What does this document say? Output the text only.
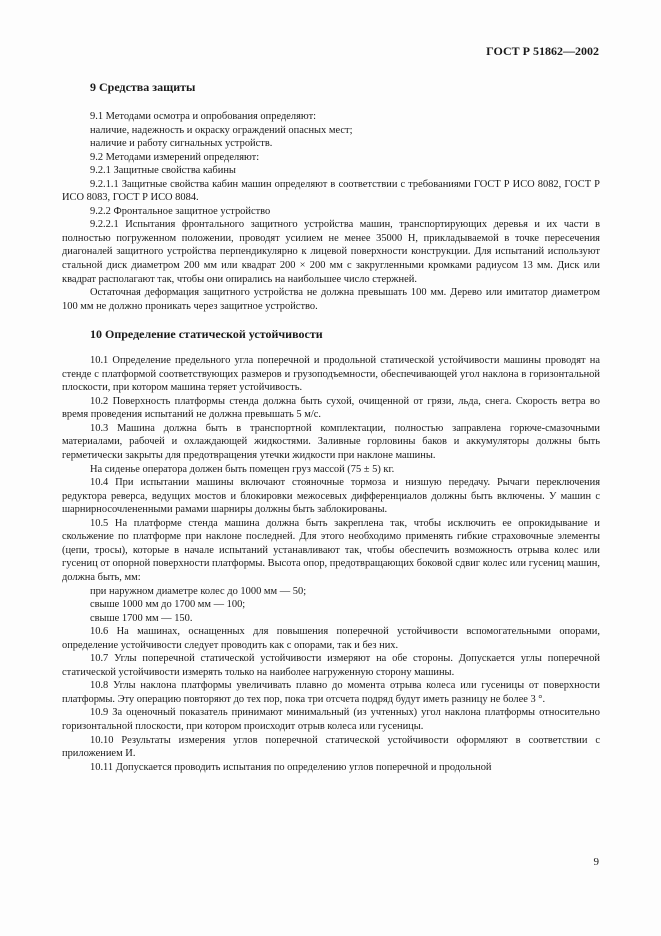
ГОСТ Р 51862—2002
9 Средства защиты

9.1 Методами осмотра и опробования определяют:

наличие, надежность и окраску ограждений опасных мест;

наличие и работу сигнальных устройств.

9.2 Методами измерений определяют:

9.2.1 Защитные свойства кабины

9.2.1.1 Защитные свойства кабин машин определяют в соответствии с требованиями ГОСТ Р ИСО 8082, ГОСТ Р ИСО 8083, ГОСТ Р ИСО 8084.

9.2.2 Фронтальное защитное устройство

9.2.2.1 Испытания фронтального защитного устройства машин, транспортирующих деревья и их части в полностью погруженном положении, проводят усилием не менее 35000 Н, прикладываемой в точке пересечения диагоналей защитного устройства перпендикулярно к лицевой поверхности конструкции. Для испытаний используют стальной диск диаметром 200 мм или квадрат 200 × 200 мм с закругленными кромками радиусом 13 мм. Диск или квадрат располагают так, чтобы они опирались на наибольшее число стержней.

Остаточная деформация защитного устройства не должна превышать 100 мм. Дерево или имитатор диаметром 100 мм не должно проникать через защитное устройство.

10 Определение статической устойчивости

10.1 Определение предельного угла поперечной и продольной статической устойчивости машины проводят на стенде с платформой соответствующих размеров и грузоподъемности, обеспечивающей угол наклона в горизонтальной плоскости, при котором машина теряет устойчивость.

10.2 Поверхность платформы стенда должна быть сухой, очищенной от грязи, льда, снега. Скорость ветра во время проведения испытаний не должна превышать 5 м/с.

10.3 Машина должна быть в транспортной комплектации, полностью заправлена горюче-смазочными материалами, рабочей и охлаждающей жидкостями. Заливные горловины баков и аккумуляторы должны быть герметически закрыты для предотвращения утечки жидкости при наклоне машины.

На сиденье оператора должен быть помещен груз массой (75 ± 5) кг.

10.4 При испытании машины включают стояночные тормоза и низшую передачу. Рычаги переключения редуктора реверса, ведущих мостов и блокировки межосевых дифференциалов должны быть включены. У машин с шарнирносочлененными рамами шарниры должны быть заблокированы.

10.5 На платформе стенда машина должна быть закреплена так, чтобы исключить ее опрокидывание и скольжение по платформе при наклоне последней. Для этого необходимо применять гибкие страховочные элементы (цепи, тросы), которые в начале испытаний устанавливают так, чтобы обеспечить возможность отрыва колес или гусениц от опорной поверхности платформы. Высота опор, предотвращающих боковой сдвиг колес или гусениц машин, должна быть, мм:

при наружном диаметре колес до 1000 мм — 50;

свыше 1000 мм до 1700 мм — 100;

свыше 1700 мм — 150.

10.6 На машинах, оснащенных для повышения поперечной устойчивости вспомогательными опорами, определение устойчивости следует проводить как с опорами, так и без них.

10.7 Углы поперечной статической устойчивости измеряют на обе стороны. Допускается углы поперечной статической устойчивости измерять только на наиболее нагруженную сторону машины.

10.8 Углы наклона платформы увеличивать плавно до момента отрыва колеса или гусеницы от поверхности платформы. Эту операцию повторяют до тех пор, пока три отсчета подряд будут иметь разницу не более 3 °.

10.9 За оценочный показатель принимают минимальный (из учтенных) угол наклона платформы относительно горизонтальной плоскости, при котором происходит отрыв колеса или гусеницы.

10.10 Результаты измерения углов поперечной статической устойчивости оформляют в соответствии с приложением И.

10.11 Допускается проводить испытания по определению углов поперечной и продольной

9
